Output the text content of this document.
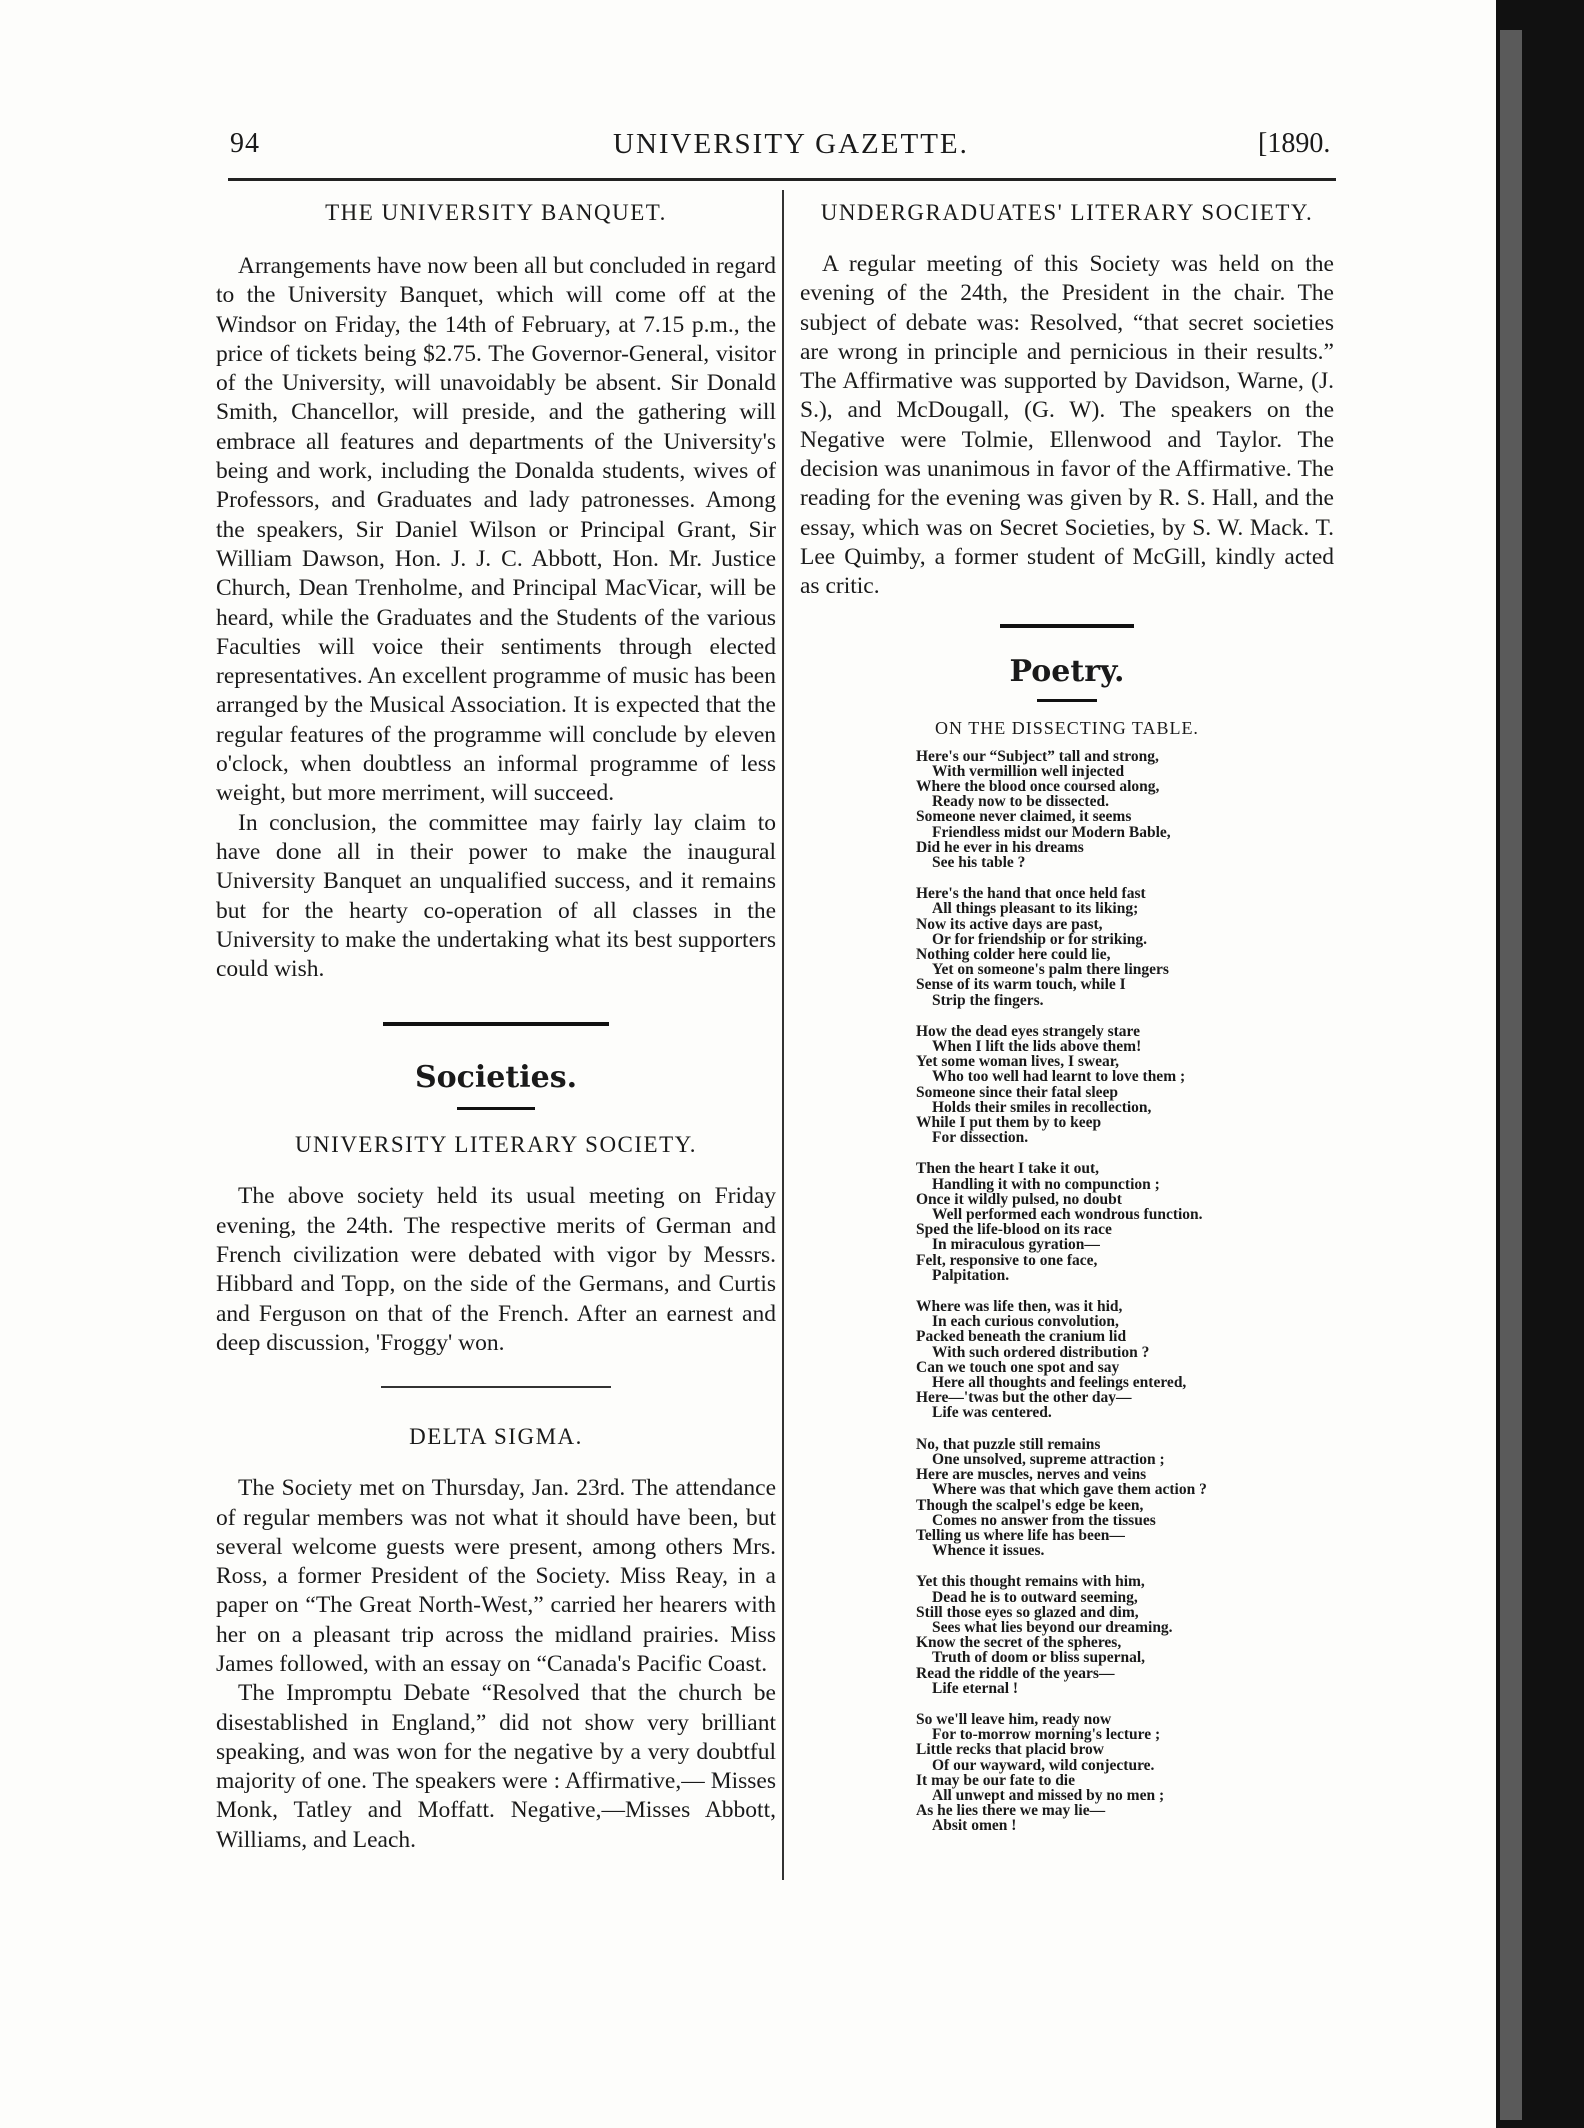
94	UNIVERSITY GAZETTE.	[1890.

THE UNIVERSITY BANQUET.

Arrangements have now been all but concluded in regard to the University Banquet, which will come off at the Windsor on Friday, the 14th of February, at 7.15 p.m., the price of tickets being $2.75. The Governor-General, visitor of the University, will unavoidably be absent. Sir Donald Smith, Chancellor, will preside, and the gathering will embrace all features and departments of the University's being and work, including the Donalda students, wives of Professors, and Graduates and lady patronesses. Among the speakers, Sir Daniel Wilson or Principal Grant, Sir William Dawson, Hon. J. J. C. Abbott, Hon. Mr. Justice Church, Dean Trenholme, and Principal MacVicar, will be heard, while the Graduates and the Students of the various Faculties will voice their sentiments through elected representatives. An excellent programme of music has been arranged by the Musical Association. It is expected that the regular features of the programme will conclude by eleven o'clock, when doubtless an informal programme of less weight, but more merriment, will succeed.

In conclusion, the committee may fairly lay claim to have done all in their power to make the inaugural University Banquet an unqualified success, and it remains but for the hearty co-operation of all classes in the University to make the undertaking what its best supporters could wish.

Societies.

UNIVERSITY LITERARY SOCIETY.

The above society held its usual meeting on Friday evening, the 24th. The respective merits of German and French civilization were debated with vigor by Messrs. Hibbard and Topp, on the side of the Germans, and Curtis and Ferguson on that of the French. After an earnest and deep discussion, 'Froggy' won.

DELTA SIGMA.

The Society met on Thursday, Jan. 23rd. The attendance of regular members was not what it should have been, but several welcome guests were present, among others Mrs. Ross, a former President of the Society. Miss Reay, in a paper on “The Great North-West,” carried her hearers with her on a pleasant trip across the midland prairies. Miss James followed, with an essay on “Canada's Pacific Coast.

The Impromptu Debate “Resolved that the church be disestablished in England,” did not show very brilliant speaking, and was won for the negative by a very doubtful majority of one. The speakers were : Affirmative,— Misses Monk, Tatley and Moffatt. Negative,—Misses Abbott, Williams, and Leach.

UNDERGRADUATES' LITERARY SOCIETY.

A regular meeting of this Society was held on the evening of the 24th, the President in the chair. The subject of debate was: Resolved, “that secret societies are wrong in principle and pernicious in their results.” The Affirmative was supported by Davidson, Warne, (J. S.), and McDougall, (G. W). The speakers on the Negative were Tolmie, Ellenwood and Taylor. The decision was unanimous in favor of the Affirmative. The reading for the evening was given by R. S. Hall, and the essay, which was on Secret Societies, by S. W. Mack. T. Lee Quimby, a former student of McGill, kindly acted as critic.

Poetry.

ON THE DISSECTING TABLE.

Here's our “Subject” tall and strong,
With vermillion well injected
Where the blood once coursed along,
Ready now to be dissected.
Someone never claimed, it seems
Friendless midst our Modern Bable,
Did he ever in his dreams
See his table ?
Here's the hand that once held fast
All things pleasant to its liking;
Now its active days are past,
Or for friendship or for striking.
Nothing colder here could lie,
Yet on someone's palm there lingers
Sense of its warm touch, while I
Strip the fingers.
How the dead eyes strangely stare
When I lift the lids above them!
Yet some woman lives, I swear,
Who too well had learnt to love them ;
Someone since their fatal sleep
Holds their smiles in recollection,
While I put them by to keep
For dissection.
Then the heart I take it out,
Handling it with no compunction ;
Once it wildly pulsed, no doubt
Well performed each wondrous function.
Sped the life-blood on its race
In miraculous gyration—
Felt, responsive to one face,
Palpitation.
Where was life then, was it hid,
In each curious convolution,
Packed beneath the cranium lid
With such ordered distribution ?
Can we touch one spot and say
Here all thoughts and feelings entered,
Here—'twas but the other day—
Life was centered.
No, that puzzle still remains
One unsolved, supreme attraction ;
Here are muscles, nerves and veins
Where was that which gave them action ?
Though the scalpel's edge be keen,
Comes no answer from the tissues
Telling us where life has been—
Whence it issues.
Yet this thought remains with him,
Dead he is to outward seeming,
Still those eyes so glazed and dim,
Sees what lies beyond our dreaming.
Know the secret of the spheres,
Truth of doom or bliss supernal,
Read the riddle of the years—
Life eternal !
So we'll leave him, ready now
For to-morrow morning's lecture ;
Little recks that placid brow
Of our wayward, wild conjecture.
It may be our fate to die
All unwept and missed by no men ;
As he lies there we may lie—
Absit omen !
